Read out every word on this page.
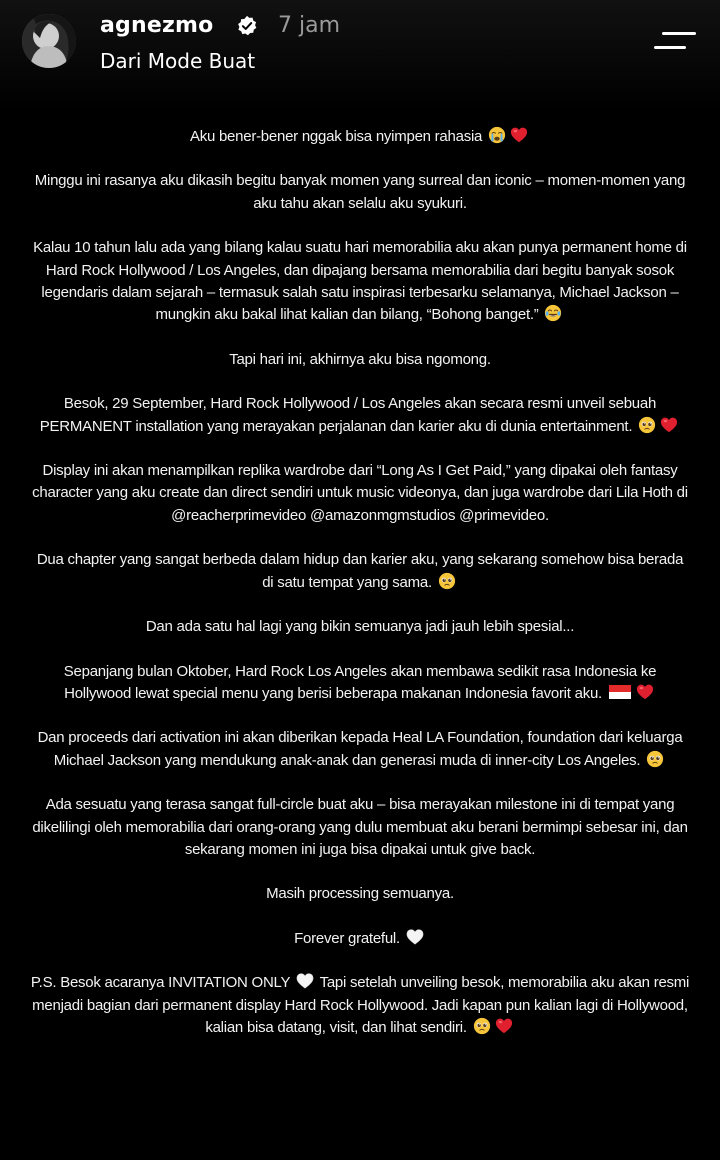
agnezmo	7 jam
Dari Mode Buat

Aku bener-bener nggak bisa nyimpen rahasia

Minggu ini rasanya aku dikasih begitu banyak momen yang surreal dan iconic – momen-momen yang aku tahu akan selalu aku syukuri.

Kalau 10 tahun lalu ada yang bilang kalau suatu hari memorabilia aku akan punya permanent home di Hard Rock Hollywood / Los Angeles, dan dipajang bersama memorabilia dari begitu banyak sosok legendaris dalam sejarah – termasuk salah satu inspirasi terbesarku selamanya, Michael Jackson – mungkin aku bakal lihat kalian dan bilang, “Bohong banget.”

Tapi hari ini, akhirnya aku bisa ngomong.

Besok, 29 September, Hard Rock Hollywood / Los Angeles akan secara resmi unveil sebuah PERMANENT installation yang merayakan perjalanan dan karier aku di dunia entertainment.

Display ini akan menampilkan replika wardrobe dari “Long As I Get Paid,” yang dipakai oleh fantasy character yang aku create dan direct sendiri untuk music videonya, dan juga wardrobe dari Lila Hoth di @reacherprimevideo @amazonmgmstudios @primevideo.

Dua chapter yang sangat berbeda dalam hidup dan karier aku, yang sekarang somehow bisa berada di satu tempat yang sama.

Dan ada satu hal lagi yang bikin semuanya jadi jauh lebih spesial...

Sepanjang bulan Oktober, Hard Rock Los Angeles akan membawa sedikit rasa Indonesia ke Hollywood lewat special menu yang berisi beberapa makanan Indonesia favorit aku.

Dan proceeds dari activation ini akan diberikan kepada Heal LA Foundation, foundation dari keluarga Michael Jackson yang mendukung anak-anak dan generasi muda di inner-city Los Angeles.

Ada sesuatu yang terasa sangat full-circle buat aku – bisa merayakan milestone ini di tempat yang dikelilingi oleh memorabilia dari orang-orang yang dulu membuat aku berani bermimpi sebesar ini, dan sekarang momen ini juga bisa dipakai untuk give back.

Masih processing semuanya.

Forever grateful.

P.S. Besok acaranya INVITATION ONLY Tapi setelah unveiling besok, memorabilia aku akan resmi menjadi bagian dari permanent display Hard Rock Hollywood. Jadi kapan pun kalian lagi di Hollywood, kalian bisa datang, visit, dan lihat sendiri.
